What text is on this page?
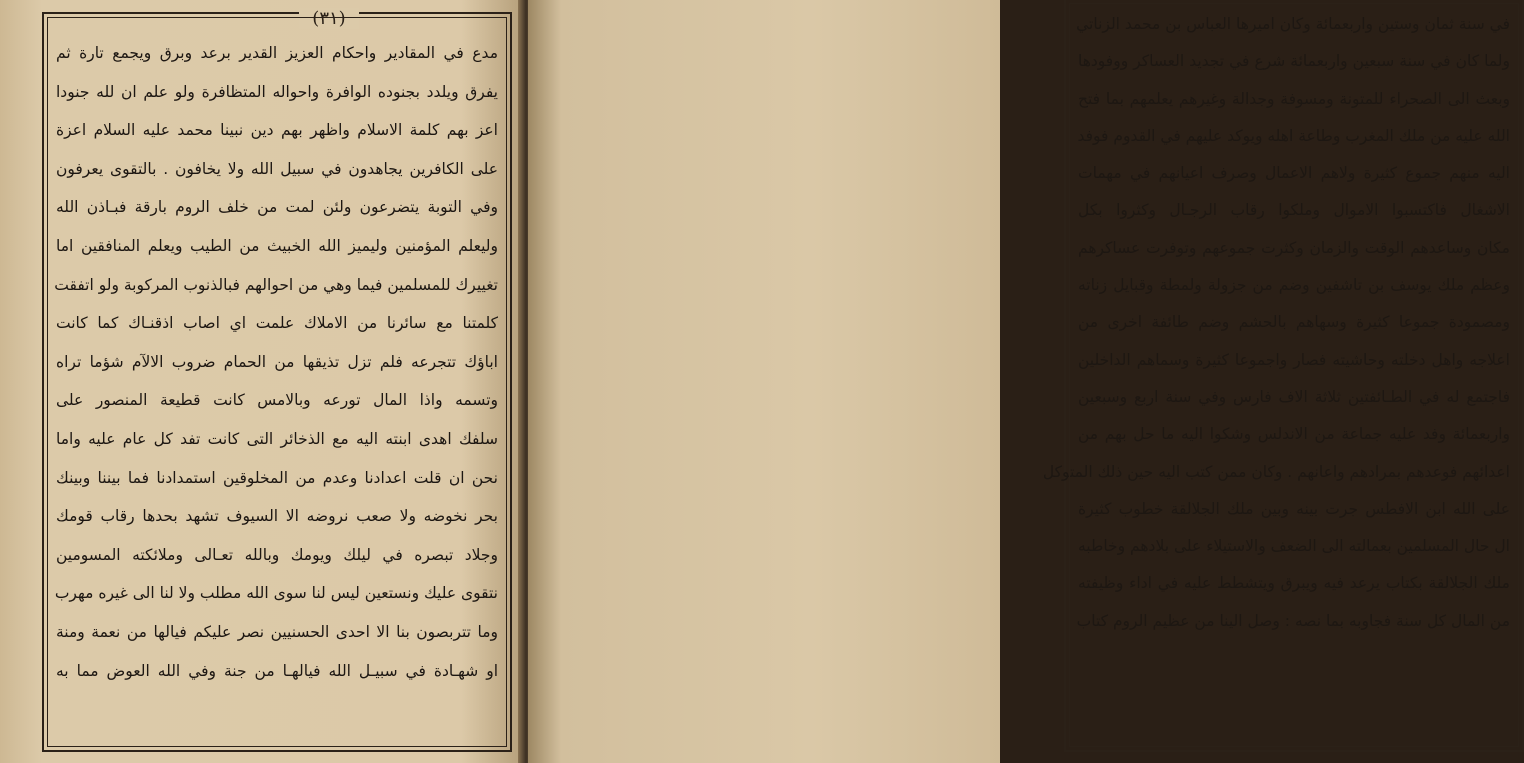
(٣١)
مدع في المقادير واحكام العزيز القدير برعد وبرق ويجمع تارة ثم
يفرق ويلدد بجنوده الوافرة واحواله المتظافرة ولو علم ان لله جنودا
اعز بهم كلمة الاسلام واظهر بهم دين نبينا محمد عليه السلام اعزة
على الكافرين يجاهدون في سبيل الله ولا يخافون . بالتقوى يعرفون
وفي التوبة يتضرعون ولئن لمت من خلف الروم بارقة فبـاذن الله
وليعلم المؤمنين وليميز الله الخبيث من الطيب ويعلم المنافقين اما
تغييرك للمسلمين فيما وهي من احوالهم فبالذنوب المركوبة ولو اتفقت
كلمتنا مع سائرنا من الاملاك علمت اي اصاب اذقنـاك كما كانت
اباؤك تتجرعه فلم تزل تذيقها من الحمام ضروب الالآم شؤما تراه
وتسمه واذا المال تورعه وبالامس كانت قطيعة المنصور على
سلفك اهدى ابنته اليه مع الذخائر التى كانت تفد كل عام عليه واما
نحن ان قلت اعدادنا وعدم من المخلوقين استمدادنا فما بيننا وبينك
بحر نخوضه ولا صعب نروضه الا السيوف تشهد بحدها رقاب قومك
وجلاد تبصره في ليلك ويومك وبالله تعـالى وملائكته المسومين
نتقوى عليك ونستعين ليس لنا سوى الله مطلب ولا لنا الى غيره مهرب
وما تتربصون بنا الا احدى الحسنيين نصر عليكم فيالها من نعمة ومنة
او شهـادة في سبيـل الله فيالهـا من جنة وفي الله العوض مما به
في سنة ثمان وستين واربعمائة وكان اميرها العباس بن محمد الزناتي
ولما كان في سنة سبعين واربعمائة شرع في تجديد العساكر ووفودها
وبعث الى الصحراء للمتونة ومسوفة وجدالة وغيرهم يعلمهم بما فتح
الله عليه من ملك المغرب وطاعة اهله ويوكد عليهم في القدوم فوفد
اليه منهم جموع كثيرة ولاهم الاعمال وصرف اعيانهم في مهمات
الاشغال فاكتسبوا الاموال وملكوا رقاب الرجـال وكثروا بكل
مكان وساعدهم الوقت والزمان وكثرت جموعهم وتوفرت عساكرهم
وعظم ملك يوسف بن تاشفين وضم من جزولة ولمطة وقبايل زناته
ومصمودة جموعا كثيرة وسهاهم بالحشم وضم طائفة اخرى من
اعلاجه واهل دخلته وحاشيته فصار واجموعا كثيرة وسماهم الداخلين
فاجتمع له في الطـائفتين ثلاثة الاف فارس وفي سنة اربع وسبعين
واربعمائة وفد عليه جماعة من الاندلس وشكوا اليه ما حل بهم من
اعدائهم فوعدهم بمرادهم واعانهم . وكان ممن كتب اليه حين ذلك المتوكل
على الله ابن الافطس جرت بينه وبين ملك الجلالقة خطوب كثيرة
ال حال المسلمين بعمالته الى الضعف والاستيلاء على بلادهم وخاطبه
ملك الجلالقة بكتاب يرعد فيه ويبرق ويتشطط عليه في اداء وظيفته
من المال كل سنة فجاوبه بما نصه : وصل الينا من عظيم الروم كتاب
